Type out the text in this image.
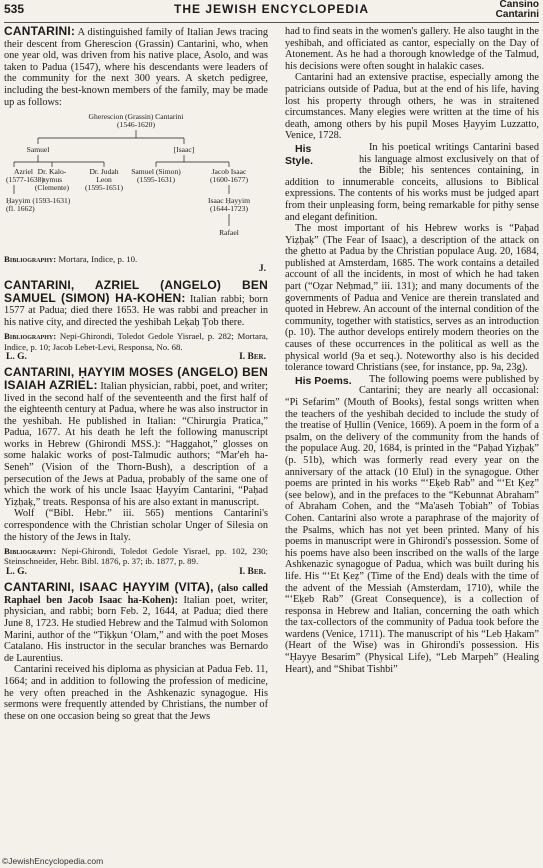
535	THE JEWISH ENCYCLOPEDIA	Cansino
Cantarini

CANTARINI: A distinguished family of Italian Jews tracing their descent from Gherescion (Grassin) Cantarini, who, when one year old, was driven from his native place, Asolo, and was taken to Padua (1547), where his descendants were leaders of the community for the next 300 years. A sketch pedigree, including the best-known members of the family, may be made up as follows:

Gherescion (Grassin) Cantarini
(1546-1620)
Samuel	[Isaac]
Azriel
(1577-1638)
Dr. Kalo-
nymus
(Clemente)
Dr. Judah
Leon
(1595-1651)
Samuel (Simon)
(1595-1631)
Jacob Isaac
(1600-1677)
Ḥayyim (1593-1631)
(fl. 1662)
Isaac Ḥayyim
(1644-1723)
Rafael
Bibliography: Mortara, Indice, p. 10.
J.

CANTARINI, AZRIEL (ANGELO) BEN SAMUEL (SIMON) HA-KOHEN: Italian rabbi; born 1577 at Padua; died there 1653. He was rabbi and preacher in his native city, and directed the yeshibah Leḳaḥ Ṭob there.

Bibliography: Nepi-Ghirondi, Toledot Gedole Yisrael, p. 282; Mortara, Indice, p. 10; Jacob Lebet-Levi, Responsa, No. 68.
L. G.	I. Ber.

CANTARINI, ḤAYYIM MOSES (ANGELO) BEN ISAIAH AZRIEL: Italian physician, rabbi, poet, and writer; lived in the second half of the seventeenth and the first half of the eighteenth century at Padua, where he was also instructor in the yeshibah. He published in Italian: “Chirurgia Pratica,” Padua, 1677. At his death he left the following manuscript works in Hebrew (Ghirondi MSS.): “Haggahot,” glosses on some halakic works of post-Talmudic authors; “Mar'eh ha-Seneh” (Vision of the Thorn-Bush), a description of a persecution of the Jews at Padua, probably of the same one of which the work of his uncle Isaac Ḥayyim Cantarini, “Paḥad Yiẓḥaḳ,” treats. Responsa of his are also extant in manuscript.

Wolf (“Bibl. Hebr.” iii. 565) mentions Cantarini's correspondence with the Christian scholar Unger of Silesia on the history of the Jews in Italy.

Bibliography: Nepi-Ghirondi, Toledot Gedole Yisrael, pp. 102, 230; Steinschneider, Hebr. Bibl. 1876, p. 37; ib. 1877, p. 89.
L. G.	I. Ber.

CANTARINI, ISAAC ḤAYYIM (VITA), (also called Raphael ben Jacob Isaac ha-Kohen): Italian poet, writer, physician, and rabbi; born Feb. 2, 1644, at Padua; died there June 8, 1723. He studied Hebrew and the Talmud with Solomon Marini, author of the “Tiḳḳun ‘Olam,” and with the poet Moses Catalano. His instructor in the secular branches was Bernardo de Laurentius.

Cantarini received his diploma as physician at Padua Feb. 11, 1664; and in addition to following the profession of medicine, he very often preached in the Ashkenazic synagogue. His sermons were frequently attended by Christians, the number of these on one occasion being so great that the Jews

had to find seats in the women's gallery. He also taught in the yeshibah, and officiated as cantor, especially on the Day of Atonement. As he had a thorough knowledge of the Talmud, his decisions were often sought in halakic cases.

Cantarini had an extensive practise, especially among the patricians outside of Padua, but at the end of his life, having lost his property through others, he was in straitened circumstances. Many elegies were written at the time of his death, among others by his pupil Moses Ḥayyim Luzzatto, Venice, 1728.

His
Style.
In his poetical writings Cantarini based his language almost exclusively on that of the Bible; his sentences containing, in addition to innumerable conceits, allusions to Biblical expressions. The contents of his works must be judged apart from their unpleasing form, being remarkable for pithy sense and elegant definition.

The most important of his Hebrew works is “Paḥad Yiẓḥaḳ” (The Fear of Isaac), a description of the attack on the ghetto at Padua by the Christian populace Aug. 20, 1684, published at Amsterdam, 1685. The work contains a detailed account of all the incidents, in most of which he had taken part (“Oẓar Neḥmad,” iii. 131); and many documents of the governments of Padua and Venice are therein translated and quoted in Hebrew. An account of the internal condition of the community, together with statistics, serves as an introduction (p. 10). The author develops entirely modern theories on the causes of these occurrences in the political as well as the physical world (9a et seq.). Noteworthy also is his decided tolerance toward Christians (see, for instance, pp. 9a, 23g).

His Poems.	The following poems were published by Cantarini; they are nearly all occasional: “Pi Sefarim” (Mouth of Books), festal songs written when the teachers of the yeshibah decided to include the study of the treatise of Ḥullin (Venice, 1669). A poem in the form of a psalm, on the delivery of the community from the hands of the populace Aug. 20, 1684, is printed in the “Paḥad Yiẓḥaḳ” (p. 51b), which was formerly read every year on the anniversary of the attack (10 Elul) in the synagogue. Other poems are printed in his works “‘Eḳeb Rab” and “‘Et Ḳeẓ” (see below), and in the prefaces to the “Kebunnat Abraham” of Abraham Cohen, and the “Ma'aseh Ṭobiah” of Tobias Cohen. Cantarini also wrote a paraphrase of the majority of the Psalms, which has not yet been printed. Many of his poems in manuscript were in Ghirondi's possession. Some of his poems have also been inscribed on the walls of the large Ashkenazic synagogue of Padua, which was built during his life. His “‘Et Ḳeẓ” (Time of the End) deals with the time of the advent of the Messiah (Amsterdam, 1710), while the “‘Eḳeb Rab” (Great Consequence), is a collection of responsa in Hebrew and Italian, concerning the oath which the tax-collectors of the community of Padua took before the wardens (Venice, 1711). The manuscript of his “Leb Ḥakam” (Heart of the Wise) was in Ghirondi's possession. His “Ḥayye Besarim” (Physical Life), “Leb Marpeh” (Healing Heart), and “Shibat Tishbi”

©JewishEncyclopedia.com
